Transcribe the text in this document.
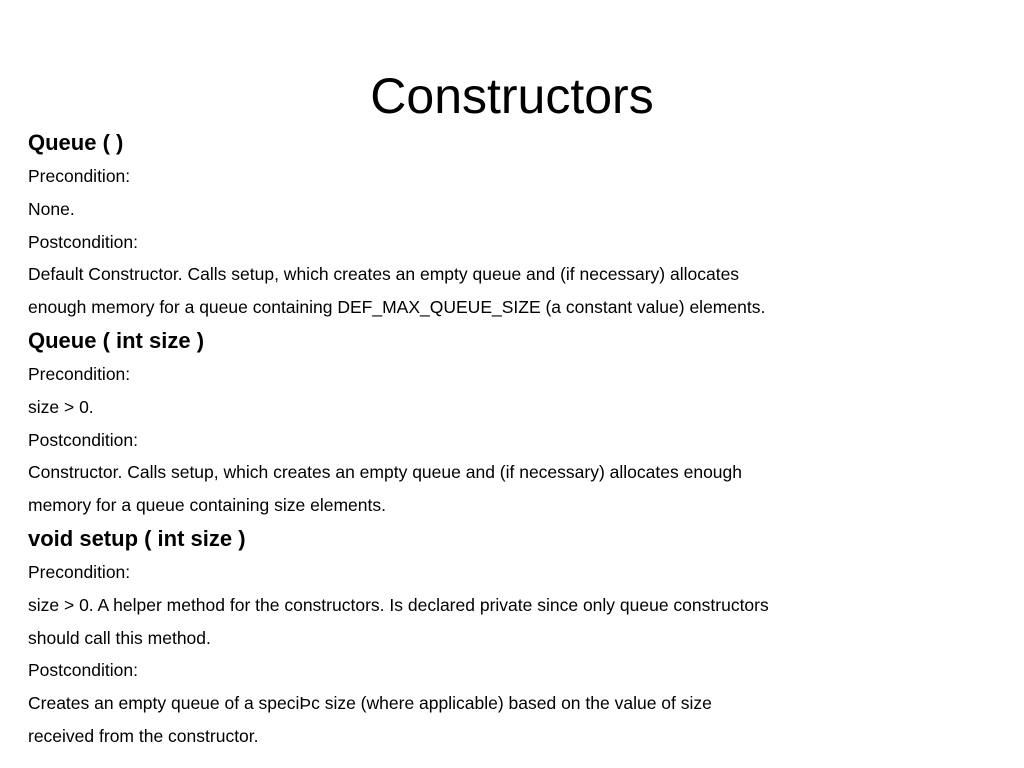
Constructors

Queue ( )

Precondition:

None.

Postcondition:

Default Constructor. Calls setup, which creates an empty queue and (if necessary) allocates

enough memory for a queue containing DEF_MAX_QUEUE_SIZE (a constant value) elements.

Queue ( int size )

Precondition:

size > 0.

Postcondition:

Constructor. Calls setup, which creates an empty queue and (if necessary) allocates enough

memory for a queue containing size elements.

void setup ( int size )

Precondition:

size > 0. A helper method for the constructors. Is declared private since only queue constructors

should call this method.

Postcondition:

Creates an empty queue of a speciÞc size (where applicable) based on the value of size

received from the constructor.
